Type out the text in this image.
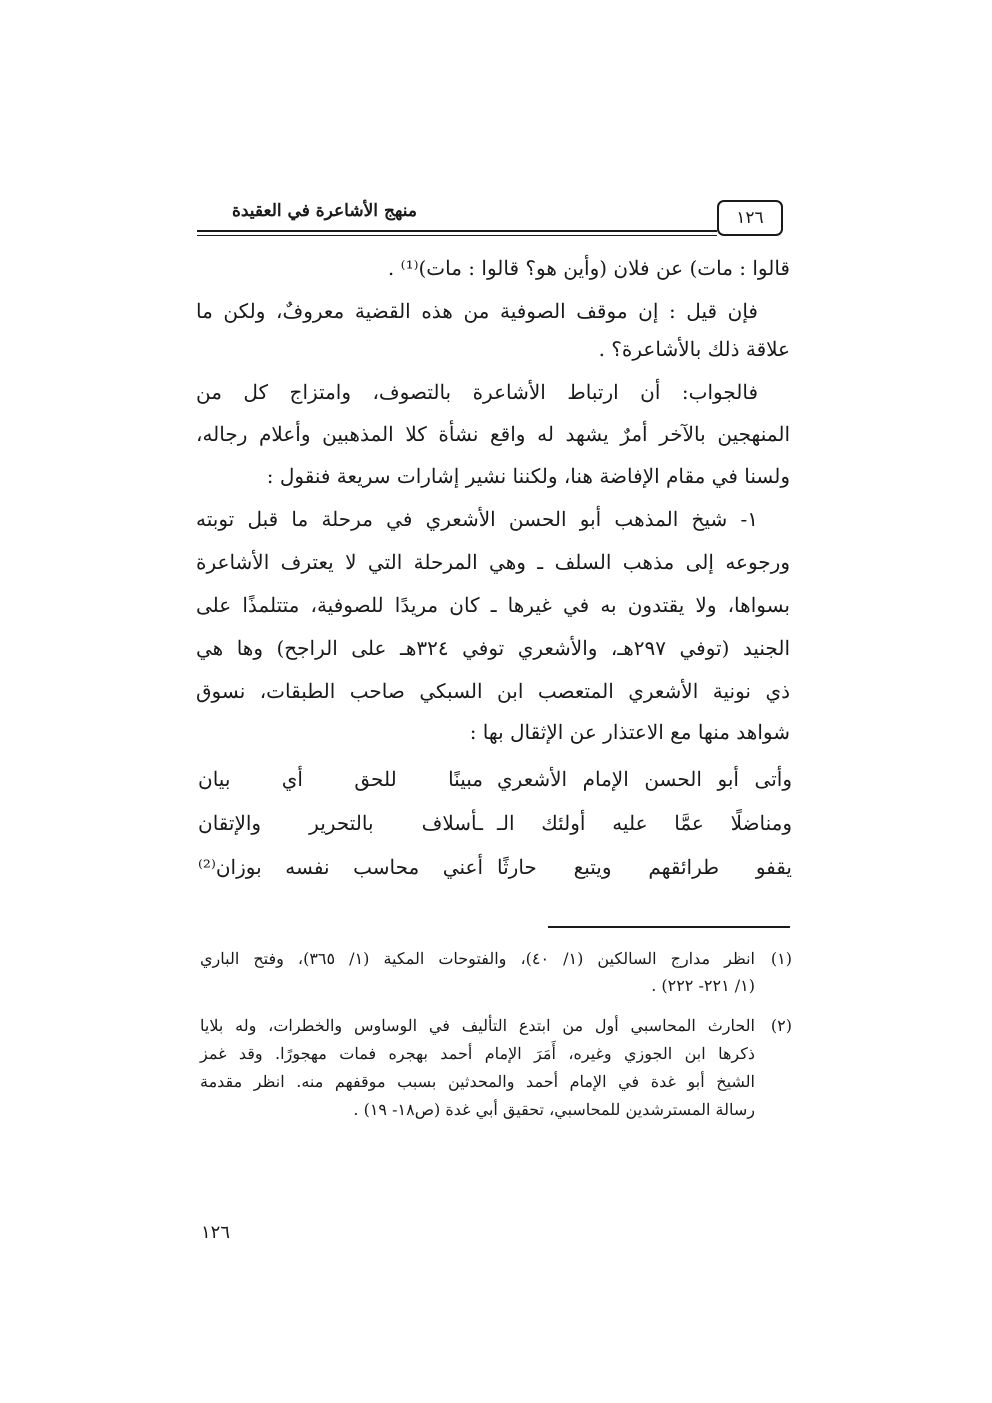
منهج الأشاعرة في العقيدة	١٢٦
قالوا : مات) عن فلان (وأين هو؟ قالوا : مات)⁽¹⁾ .
فإن قيل : إن موقف الصوفية من هذه القضية معروفٌ، ولكن ما
علاقة ذلك بالأشاعرة؟ .
فالجواب: أن ارتباط الأشاعرة بالتصوف، وامتزاج كل من
المنهجين بالآخر أمرٌ يشهد له واقع نشأة كلا المذهبين وأعلام رجاله،
ولسنا في مقام الإفاضة هنا، ولكننا نشير إشارات سريعة فنقول :
١- شيخ المذهب أبو الحسن الأشعري في مرحلة ما قبل توبته
ورجوعه إلى مذهب السلف ـ وهي المرحلة التي لا يعترف الأشاعرة
بسواها، ولا يقتدون به في غيرها ـ كان مريدًا للصوفية، متتلمذًا على
الجنيد (توفي ٢٩٧هـ، والأشعري توفي ٣٢٤هـ على الراجح) وها هي
ذي نونية الأشعري المتعصب ابن السبكي صاحب الطبقات، نسوق
شواهد منها مع الاعتذار عن الإثقال بها :
وأتى أبو الحسن الإمام الأشعري
مبينًا للحق أي بيان
ومناضلًا عمَّا عليه أولئك الـ
ـأسلاف بالتحرير والإتقان
يقفو طرائقهم ويتبع حارثًا
أعني محاسب نفسه بوزان⁽²⁾
(١)
انظر مدارج السالكين (١/ ٤٠)، والفتوحات المكية (١/ ٣٦٥)، وفتح الباري
(١/ ٢٢١- ٢٢٢) .
(٢)
الحارث المحاسبي أول من ابتدع التأليف في الوساوس والخطرات، وله بلايا
ذكرها ابن الجوزي وغيره، أَمَرَ الإمام أحمد بهجره فمات مهجورًا. وقد غمز
الشيخ أبو غدة في الإمام أحمد والمحدثين بسبب موقفهم منه. انظر مقدمة
رسالة المسترشدين للمحاسبي، تحقيق أبي غدة (ص١٨- ١٩) .
١٢٦
